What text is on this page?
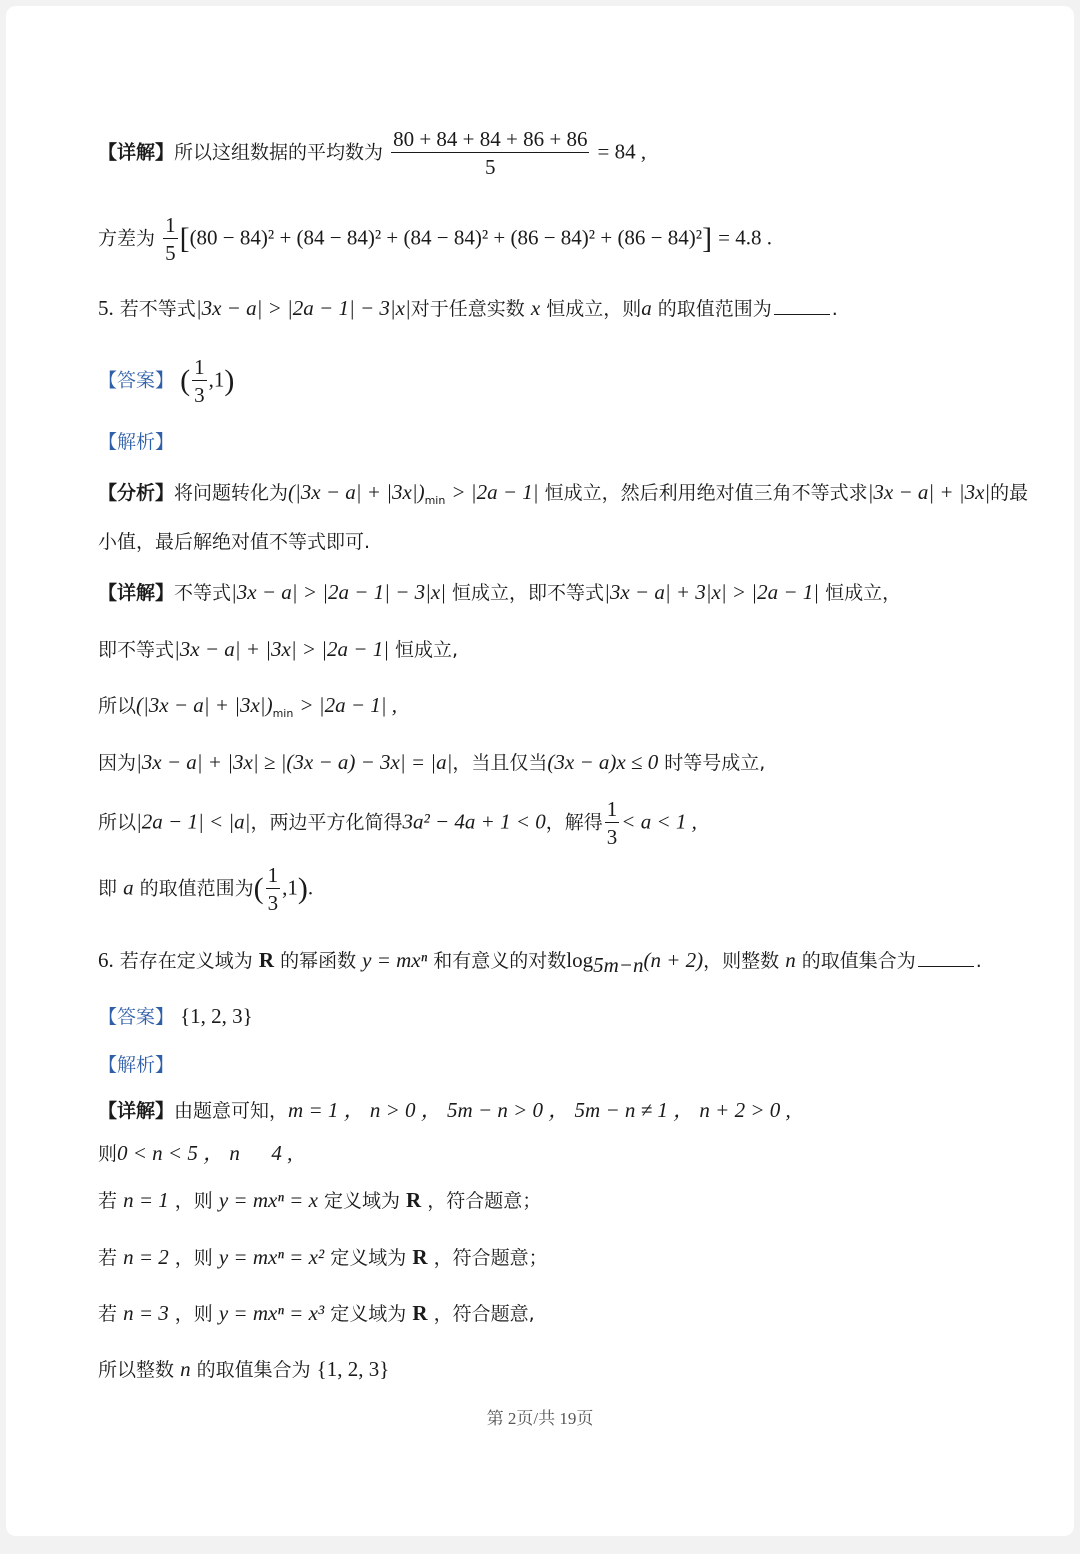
【详解】所以这组数据的平均数为 $\frac{80 + 84 + 84 + 86 + 86}{5} = 84$ ,
方差为 $\frac{1}{5} [(80 - 84)^2 + (84 - 84)^2 + (84 - 84)^2 + (86 - 84)^2 + (86 - 84)^2] = 4.8$ .
5. 若不等式|3x − a| > |2a − 1| − 3|x|对于任意实数 x 恒成立，则a 的取值范围为	.
【答案】 ( $\frac{1}{3} ,1$)
【解析】
【分析】将问题转化为$(|3x - a| + |3x|)_{min} > |2a - 1|$ 恒成立，然后利用绝对值三角不等式求|3x − a| + |3x|的最
小值，最后解绝对值不等式即可.
【详解】不等式|3x − a| > |2a − 1| − 3|x| 恒成立，即不等式|3x − a| + 3|x| > |2a − 1| 恒成立，
即不等式|3x − a| + |3x| > |2a − 1| 恒成立,
所以$(|3x - a| + |3x|)_{min} > |2a - 1|$ ,
因为|3x − a| + |3x| ≥ |(3x − a) − 3x| = |a|，当且仅当(3x − a)x ≤ 0 时等号成立,
所以|2a − 1| < |a|，两边平方化简得3a² − 4a + 1 < 0，解得 $\frac{1}{3} < a < 1$ ,
即 a 的取值范围为( $\frac{1}{3} ,1$).
6. 若存在定义域为 R 的幂函数 y = mxⁿ 和有意义的对数$\log_{5m-n}(n + 2)$，则整数 n 的取值集合为	.
【答案】 {1, 2, 3}
【解析】
【详解】由题意可知，m = 1 ， n > 0 ， 5m − n > 0 ， 5m − n ≠ 1 ， n + 2 > 0 ,
则0 < n < 5 ， n      4 ,
若 n = 1 ，则 y = mxⁿ = x 定义域为 R ，符合题意；
若 n = 2 ，则 y = mxⁿ = x² 定义域为 R ，符合题意；
若 n = 3 ，则 y = mxⁿ = x³ 定义域为 R ，符合题意,
所以整数 n 的取值集合为 {1, 2, 3}
第 2页/共 19页
